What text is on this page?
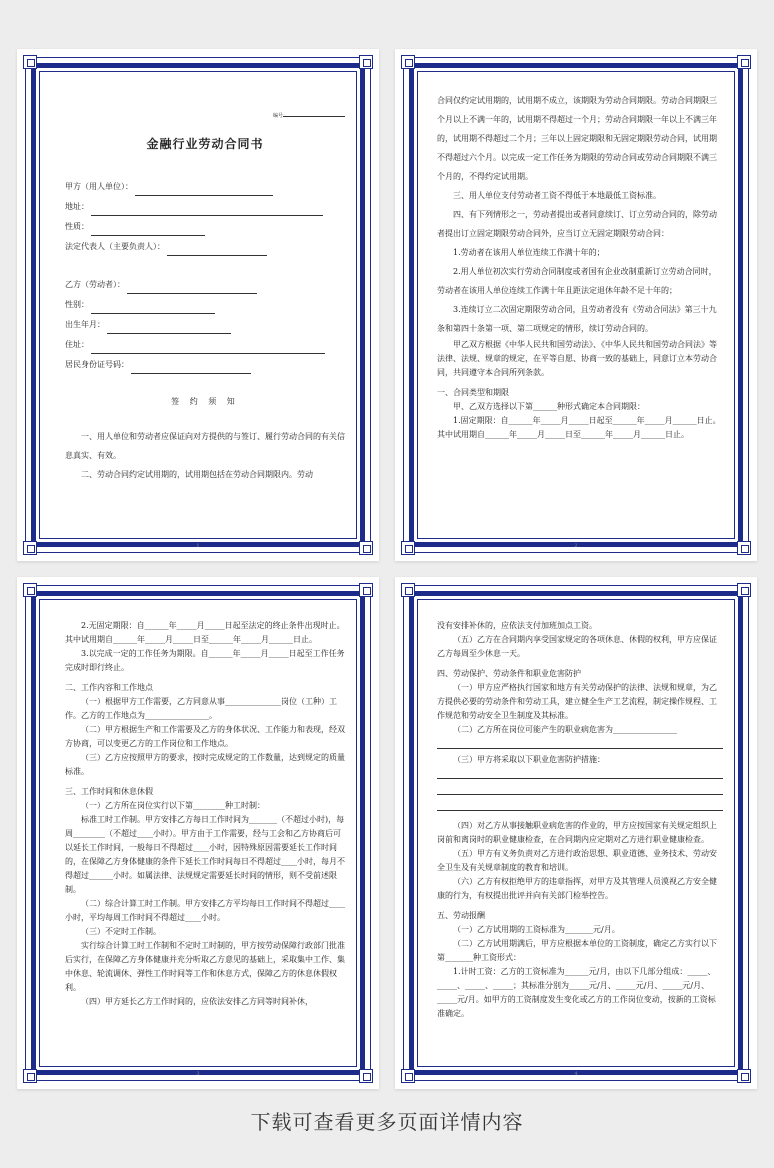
编号
金融行业劳动合同书
甲方（用人单位）：
地址：
性质：
法定代表人（主要负责人）：
乙方（劳动者）：
性别：
出生年月：
住址：
居民身份证号码：
签 约 须 知

一、用人单位和劳动者应保证向对方提供的与签订、履行劳动合同的有关信息真实、有效。

二、劳动合同约定试用期的，试用期包括在劳动合同期限内。劳动

1

合同仅约定试用期的，试用期不成立，该期限为劳动合同期限。劳动合同期限三个月以上不满一年的，试用期不得超过一个月；劳动合同期限一年以上不满三年的，试用期不得超过二个月；三年以上固定期限和无固定期限劳动合同，试用期不得超过六个月。以完成一定工作任务为期限的劳动合同或劳动合同期限不满三个月的，不得约定试用期。

三、用人单位支付劳动者工资不得低于本地最低工资标准。

四、有下列情形之一，劳动者提出或者同意续订、订立劳动合同的，除劳动者提出订立固定期限劳动合同外，应当订立无固定期限劳动合同：

1.劳动者在该用人单位连续工作满十年的；

2.用人单位初次实行劳动合同制度或者国有企业改制重新订立劳动合同时，劳动者在该用人单位连续工作满十年且距法定退休年龄不足十年的；

3.连续订立二次固定期限劳动合同，且劳动者没有《劳动合同法》第三十九条和第四十条第一项、第二项规定的情形，续订劳动合同的。

甲乙双方根据《中华人民共和国劳动法》、《中华人民共和国劳动合同法》等法律、法规、规章的规定，在平等自愿、协商一致的基础上，同意订立本劳动合同，共同遵守本合同所列条款。

一、合同类型和期限

甲、乙双方选择以下第______种形式确定本合同期限：

1.固定期限：自______年_____月_____日起至______年_____月______日止。其中试用期自______年_____月_____日至______年_____月______日止。

2

2.无固定期限：自______年_____月_____日起至法定的终止条件出现时止。其中试用期自______年_____月_____日至______年_____月______日止。

3.以完成一定的工作任务为期限。自______年_____月_____日起至工作任务完成时即行终止。

二、工作内容和工作地点

（一）根据甲方工作需要，乙方同意从事______________岗位（工种）工作。乙方的工作地点为________________。

（二）甲方根据生产和工作需要及乙方的身体状况、工作能力和表现，经双方协商，可以变更乙方的工作岗位和工作地点。

（三）乙方应按照甲方的要求，按时完成规定的工作数量，达到规定的质量标准。

三、工作时间和休息休假

（一）乙方所在岗位实行以下第________种工时制：

标准工时工作制。甲方安排乙方每日工作时间为_______（不超过小时)，每周________（不超过____小时）。甲方由于工作需要，经与工会和乙方协商后可以延长工作时间，一般每日不得超过____小时，因特殊原因需要延长工作时间的，在保障乙方身体健康的条件下延长工作时间每日不得超过____小时，每月不得超过______小时。如属法律、法规规定需要延长时间的情形，则不受前述限制。

（二）综合计算工时工作制。甲方安排乙方平均每日工作时间不得超过____小时，平均每周工作时间不得超过____小时。

（三）不定时工作制。

实行综合计算工时工作制和不定时工时制的，甲方按劳动保障行政部门批准后实行，在保障乙方身体健康并充分听取乙方意见的基础上，采取集中工作、集中休息、轮流调休、弹性工作时间等工作和休息方式，保障乙方的休息休假权利。

（四）甲方延长乙方工作时间的，应依法安排乙方同等时间补休，

3

没有安排补休的，应依法支付加班加点工资。

（五）乙方在合同期内享受国家规定的各项休息、休假的权利，甲方应保证乙方每周至少休息一天。

四、劳动保护、劳动条件和职业危害防护

（一）甲方应严格执行国家和地方有关劳动保护的法律、法规和规章，为乙方提供必要的劳动条件和劳动工具，建立健全生产工艺流程，制定操作规程、工作规范和劳动安全卫生制度及其标准。

（二）乙方所在岗位可能产生的职业病危害为________________

（三）甲方将采取以下职业危害防护措施：

（四）对乙方从事接触职业病危害的作业的，甲方应按国家有关规定组织上岗前和离岗时的职业健康检查，在合同期内应定期对乙方进行职业健康检查。

（五）甲方有义务负责对乙方进行政治思想、职业道德、业务技术、劳动安全卫生及有关规章制度的教育和培训。

（六）乙方有权拒绝甲方的违章指挥，对甲方及其管理人员漠视乙方安全健康的行为，有权提出批评并向有关部门检举控告。

五、劳动报酬

（一）乙方试用期的工资标准为_______元/月。

（二）乙方试用期满后，甲方应根据本单位的工资制度，确定乙方实行以下第_______种工资形式：

1.计时工资：乙方的工资标准为______元/月，由以下几部分组成：_____、_____、_____、_____；其标准分别为_____元/月、_____元/月、_____元/月、_____元/月。如甲方的工资制度发生变化或乙方的工作岗位变动，按新的工资标准确定。

4
下载可查看更多页面详情内容
